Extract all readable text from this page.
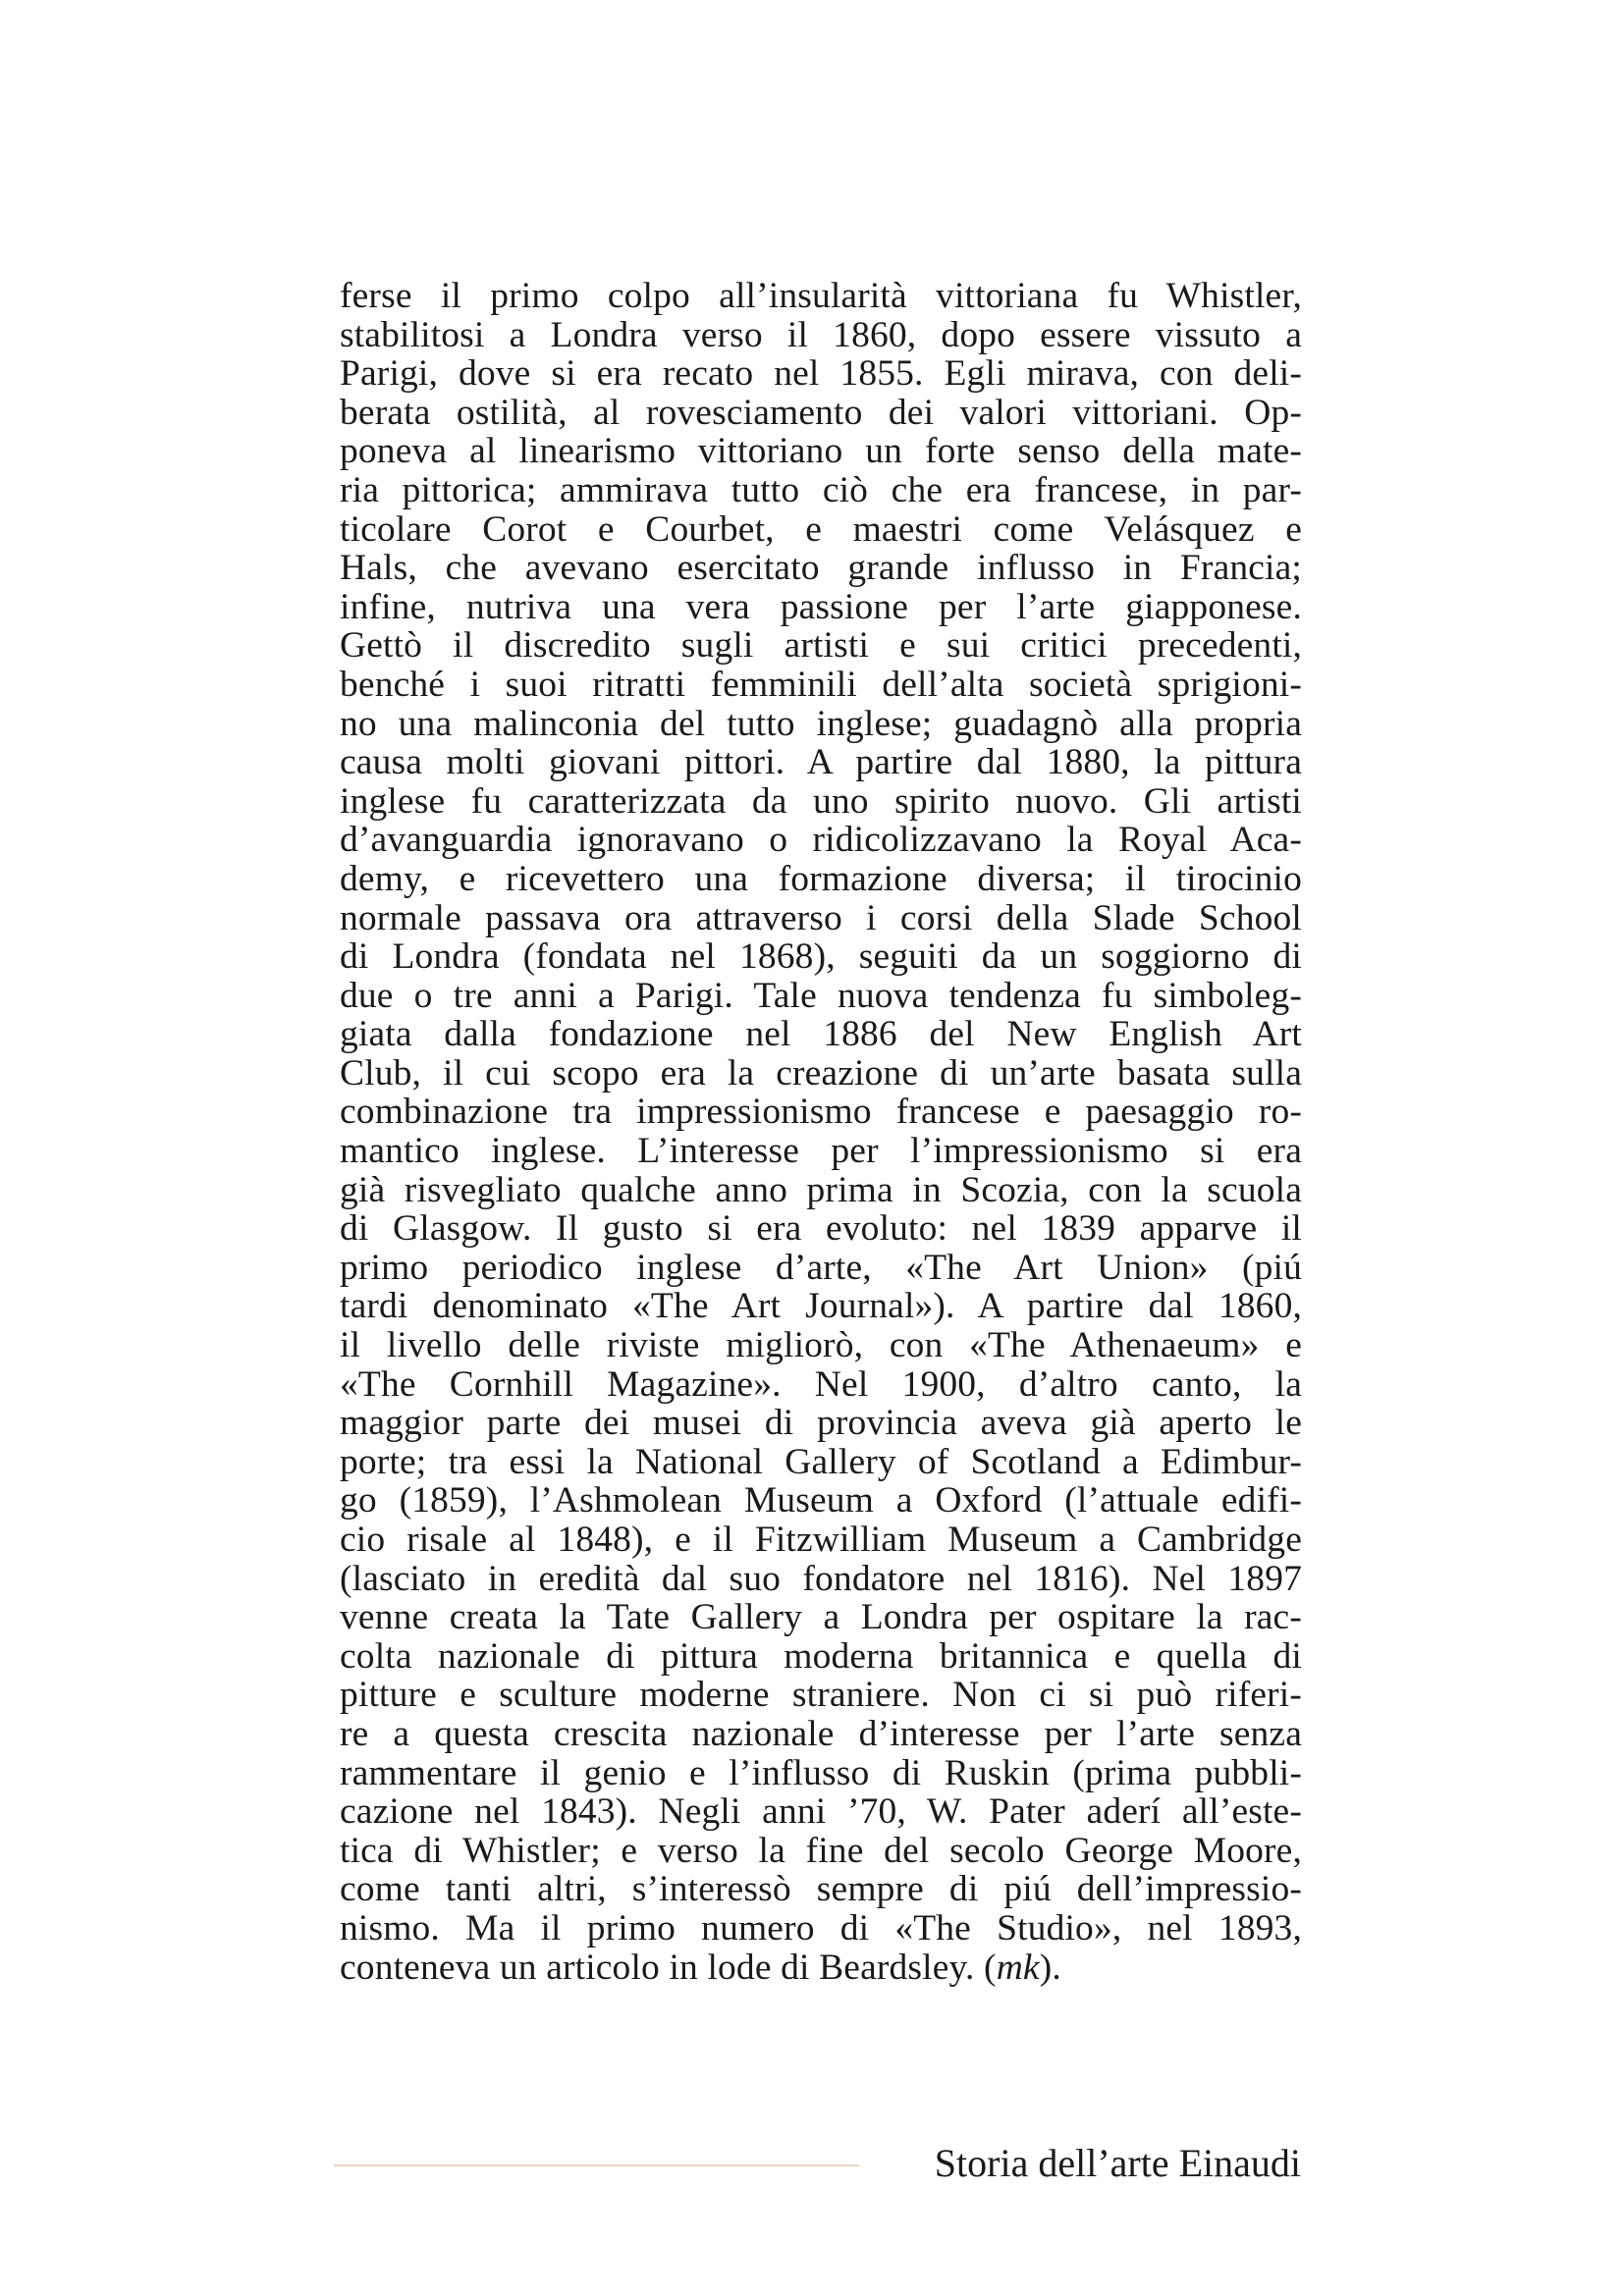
ferse il primo colpo all’insularità vittoriana fu Whistler,
stabilitosi a Londra verso il 1860, dopo essere vissuto a
Parigi, dove si era recato nel 1855. Egli mirava, con deli-
berata ostilità, al rovesciamento dei valori vittoriani. Op-
poneva al linearismo vittoriano un forte senso della mate-
ria pittorica; ammirava tutto ciò che era francese, in par-
ticolare Corot e Courbet, e maestri come Velásquez e
Hals, che avevano esercitato grande influsso in Francia;
infine, nutriva una vera passione per l’arte giapponese.
Gettò il discredito sugli artisti e sui critici precedenti,
benché i suoi ritratti femminili dell’alta società sprigioni-
no una malinconia del tutto inglese; guadagnò alla propria
causa molti giovani pittori. A partire dal 1880, la pittura
inglese fu caratterizzata da uno spirito nuovo. Gli artisti
d’avanguardia ignoravano o ridicolizzavano la Royal Aca-
demy, e ricevettero una formazione diversa; il tirocinio
normale passava ora attraverso i corsi della Slade School
di Londra (fondata nel 1868), seguiti da un soggiorno di
due o tre anni a Parigi. Tale nuova tendenza fu simboleg-
giata dalla fondazione nel 1886 del New English Art
Club, il cui scopo era la creazione di un’arte basata sulla
combinazione tra impressionismo francese e paesaggio ro-
mantico inglese. L’interesse per l’impressionismo si era
già risvegliato qualche anno prima in Scozia, con la scuola
di Glasgow. Il gusto si era evoluto: nel 1839 apparve il
primo periodico inglese d’arte, «The Art Union» (piú
tardi denominato «The Art Journal»). A partire dal 1860,
il livello delle riviste migliorò, con «The Athenaeum» e
«The Cornhill Magazine». Nel 1900, d’altro canto, la
maggior parte dei musei di provincia aveva già aperto le
porte; tra essi la National Gallery of Scotland a Edimbur-
go (1859), l’Ashmolean Museum a Oxford (l’attuale edifi-
cio risale al 1848), e il Fitzwilliam Museum a Cambridge
(lasciato in eredità dal suo fondatore nel 1816). Nel 1897
venne creata la Tate Gallery a Londra per ospitare la rac-
colta nazionale di pittura moderna britannica e quella di
pitture e sculture moderne straniere. Non ci si può riferi-
re a questa crescita nazionale d’interesse per l’arte senza
rammentare il genio e l’influsso di Ruskin (prima pubbli-
cazione nel 1843). Negli anni ’70, W. Pater aderí all’este-
tica di Whistler; e verso la fine del secolo George Moore,
come tanti altri, s’interessò sempre di piú dell’impressio-
nismo. Ma il primo numero di «The Studio», nel 1893,
conteneva un articolo in lode di Beardsley. (mk).
Storia dell’arte Einaudi
